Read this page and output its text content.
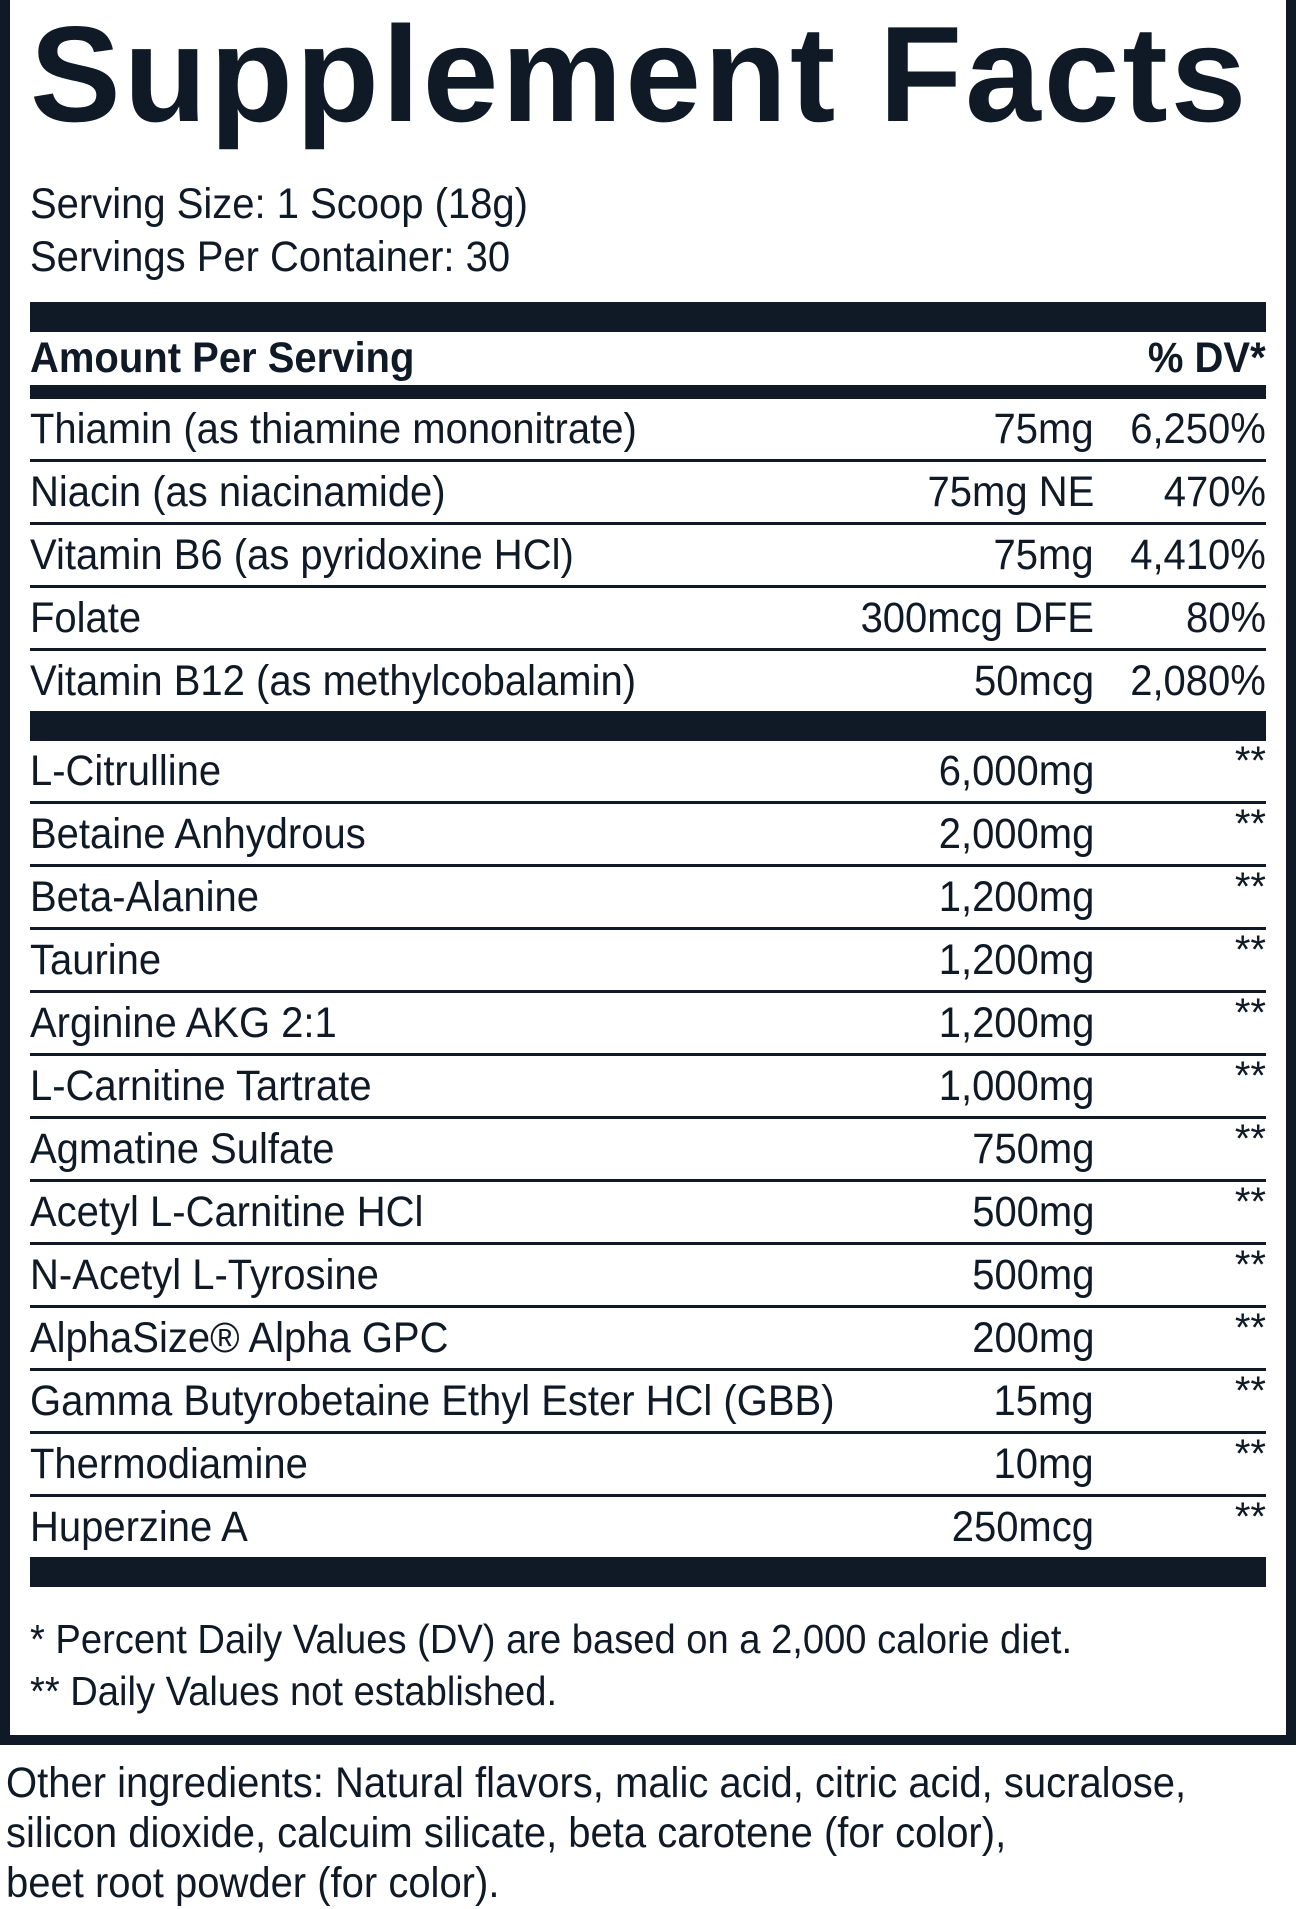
Supplement Facts
Serving Size: 1 Scoop (18g)
Servings Per Container: 30
Amount Per Serving	% DV*
Thiamin (as thiamine mononitrate)	75mg 6,250%
Niacin (as niacinamide)	75mg NE 470%
Vitamin B6 (as pyridoxine HCl)	75mg 4,410%
Folate	300mcg DFE 80%
Vitamin B12 (as methylcobalamin)	50mcg 2,080%
L-Citrulline	6,000mg	**
Betaine Anhydrous	2,000mg	**
Beta-Alanine	1,200mg	**
Taurine	1,200mg	**
Arginine AKG 2:1	1,200mg	**
L-Carnitine Tartrate	1,000mg	**
Agmatine Sulfate	750mg	**
Acetyl L-Carnitine HCl	500mg	**
N-Acetyl L-Tyrosine	500mg	**
AlphaSize® Alpha GPC	200mg	**
Gamma Butyrobetaine Ethyl Ester HCl (GBB)	15mg	**
Thermodiamine	10mg	**
Huperzine A	250mcg	**
* Percent Daily Values (DV) are based on a 2,000 calorie diet.
** Daily Values not established.
Other ingredients: Natural flavors, malic acid, citric acid, sucralose,
silicon dioxide, calcuim silicate, beta carotene (for color),
beet root powder (for color).
